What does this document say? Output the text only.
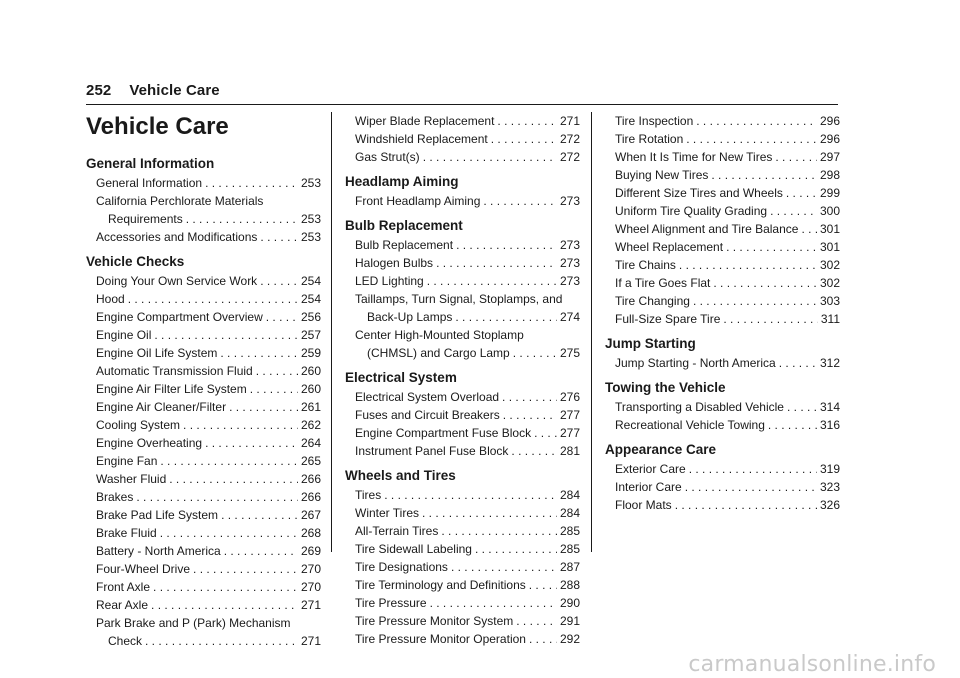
252 Vehicle Care
Vehicle Care
General Information
General Information . . .	253
California Perchlorate Materials
Requirements . . .	253
Accessories and Modifications . . .	253
Vehicle Checks
Doing Your Own Service Work . . .	254
Hood . . .	254
Engine Compartment Overview . . .	256
Engine Oil . . .	257
Engine Oil Life System . . .	259
Automatic Transmission Fluid . . .	260
Engine Air Filter Life System . . .	260
Engine Air Cleaner/Filter . . .	261
Cooling System . . .	262
Engine Overheating . . .	264
Engine Fan . . .	265
Washer Fluid . . .	266
Brakes . . .	266
Brake Pad Life System . . .	267
Brake Fluid . . .	268
Battery - North America . . .	269
Four-Wheel Drive . . .	270
Front Axle . . .	270
Rear Axle . . .	271
Park Brake and P (Park) Mechanism
Check . . .	271
Wiper Blade Replacement . . .	271
Windshield Replacement . . .	272
Gas Strut(s) . . .	272
Headlamp Aiming
Front Headlamp Aiming . . .	273
Bulb Replacement
Bulb Replacement . . .	273
Halogen Bulbs . . .	273
LED Lighting . . .	273
Taillamps, Turn Signal, Stoplamps, and
Back-Up Lamps . . .	274
Center High-Mounted Stoplamp
(CHMSL) and Cargo Lamp . . .	275
Electrical System
Electrical System Overload . . .	276
Fuses and Circuit Breakers . . .	277
Engine Compartment Fuse Block . . . 277
Instrument Panel Fuse Block . . .	281
Wheels and Tires
Tires . . .	284
Winter Tires . . .	284
All-Terrain Tires . . .	285
Tire Sidewall Labeling . . .	285
Tire Designations . . .	287
Tire Terminology and Definitions . . .	288
Tire Pressure . . .	290
Tire Pressure Monitor System . . .	291
Tire Pressure Monitor Operation . . .	292
Tire Inspection . . .	296
Tire Rotation . . .	296
When It Is Time for New Tires . . .	297
Buying New Tires . . .	298
Different Size Tires and Wheels . . .	299
Uniform Tire Quality Grading . . .	300
Wheel Alignment and Tire Balance . . . 301
Wheel Replacement . . .	301
Tire Chains . . .	302
If a Tire Goes Flat . . .	302
Tire Changing . . .	303
Full-Size Spare Tire . . .	311
Jump Starting
Jump Starting - North America . . .	312
Towing the Vehicle
Transporting a Disabled Vehicle . . .	314
Recreational Vehicle Towing . . .	316
Appearance Care
Exterior Care . . .	319
Interior Care . . .	323
Floor Mats . . .	326
carmanualsonline.info
